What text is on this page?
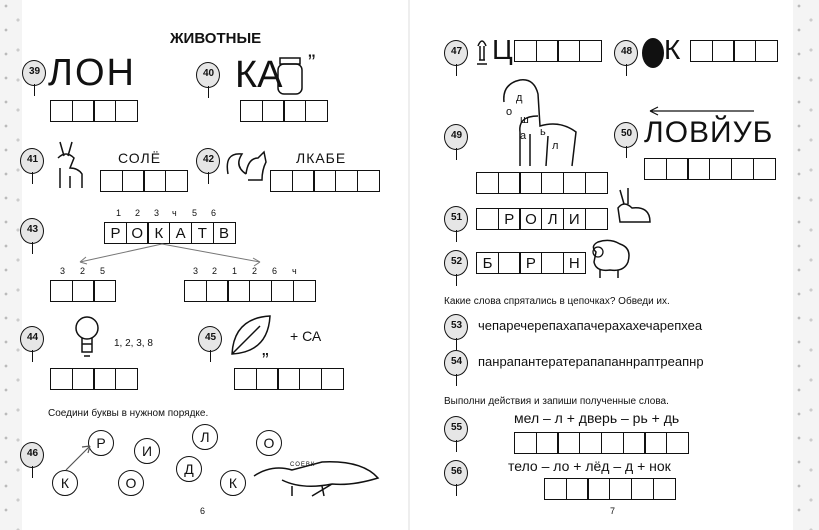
ЖИВОТНЫЕ
39 ЛОН	40 КА ”
41	СОЛЁ	42	ЛКАБЕ
43
1 2 3 ч 5 6
Р О К А Т В
3 2 5	3 2 1 2 6 ч
44
1, 2, 3, 8
45
”
+ СА
Соедини буквы в нужном порядке.
46
К
Р
О
И
Д
Л
К
О
СОЕВК
6
47 Ц	48 К
49
д
о
ш
а ь
л
50 ЛОВЙУБ
51	Р О Л И
52	Б	Р	Н
Какие слова спрятались в цепочках? Обведи их.
53	чепаречерепахапачерахахечарепхеа
54	панрапантератерапапаннраптреапнр
Выполни действия и запиши полученные слова.
55
мел – л + дверь – рь + дь
56	тело – ло + лёд – д + нок
7
